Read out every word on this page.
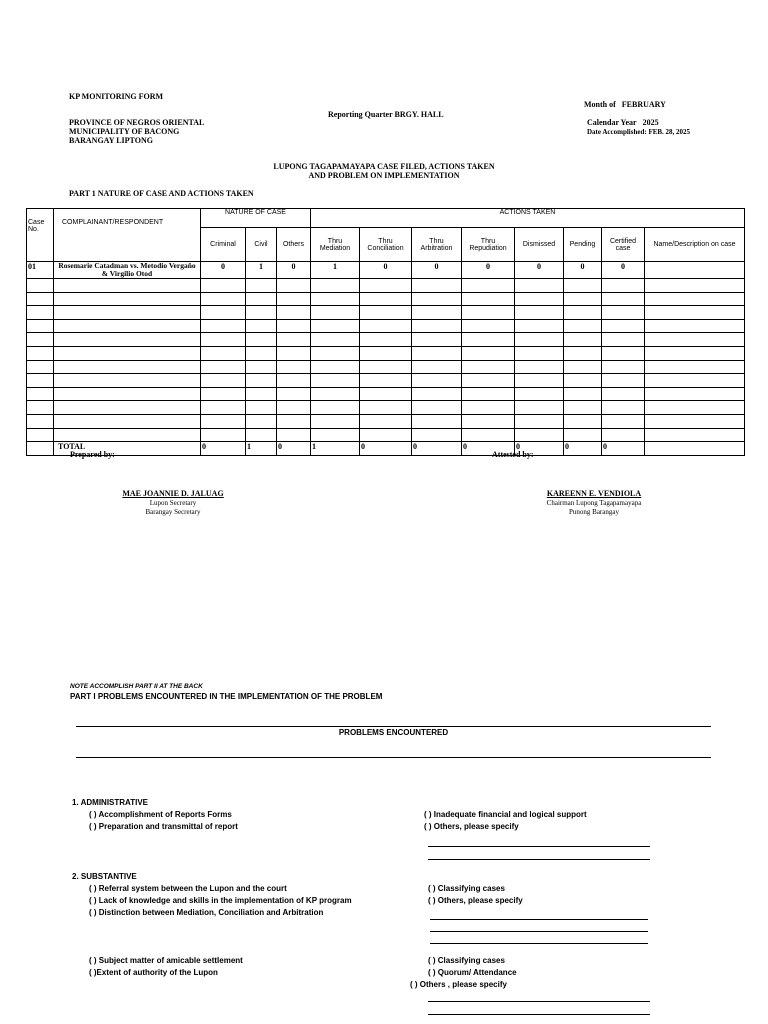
KP MONITORING FORM
PROVINCE OF NEGROS ORIENTAL
MUNICIPALITY OF BACONG
BARANGAY LIPTONG
Reporting Quarter BRGY. HALL
Month of FEBRUARY
Calendar Year 2025
Date Accomplished: FEB. 28, 2025
LUPONG TAGAPAMAYAPA CASE FILED, ACTIONS TAKEN
AND PROBLEM ON IMPLEMENTATION
PART 1 NATURE OF CASE AND ACTIONS TAKEN
Case No.	COMPLAINANT/RESPONDENT	NATURE OF CASE			ACTIONS TAKEN							
		Criminal	Civil	Others	Thru Mediation	Thru Conciliation	Thru Arbitration	Thru Repudiation	Dismissed	Pending	Certified case	Name/Description on case
01	Rosemarie Catadman vs. Metodio Vergaño & Virgilio Otod	0	1	0	1	0	0	0	0	0	0	

	TOTAL	0	1	0	1	0	0	0	0	0	0	
Prepared by:	Attested by:
MAE JOANNIE D. JALUAG
Lupon Secretary
Barangay Secretary
KAREENN E. VENDIOLA
Chairman Lupong Tagapamayapa
Punong Barangay
NOTE ACCOMPLISH PART II AT THE BACK
PART I PROBLEMS ENCOUNTERED IN THE IMPLEMENTATION OF THE PROBLEM
PROBLEMS ENCOUNTERED
1. ADMINISTRATIVE
( ) Accomplishment of Reports Forms
( ) Preparation and transmittal of report
( ) Inadequate financial and logical support
( ) Others, please specify
2. SUBSTANTIVE
( ) Referral system between the Lupon and the court
( ) Lack of knowledge and skills in the implementation of KP program
( ) Distinction between Mediation, Conciliation and Arbitration
( ) Classifying cases
( ) Others, please specify
( ) Subject matter of amicable settlement
( )Extent of authority of the Lupon
( ) Classifying cases
( ) Quorum/ Attendance
( ) Others , please specify
